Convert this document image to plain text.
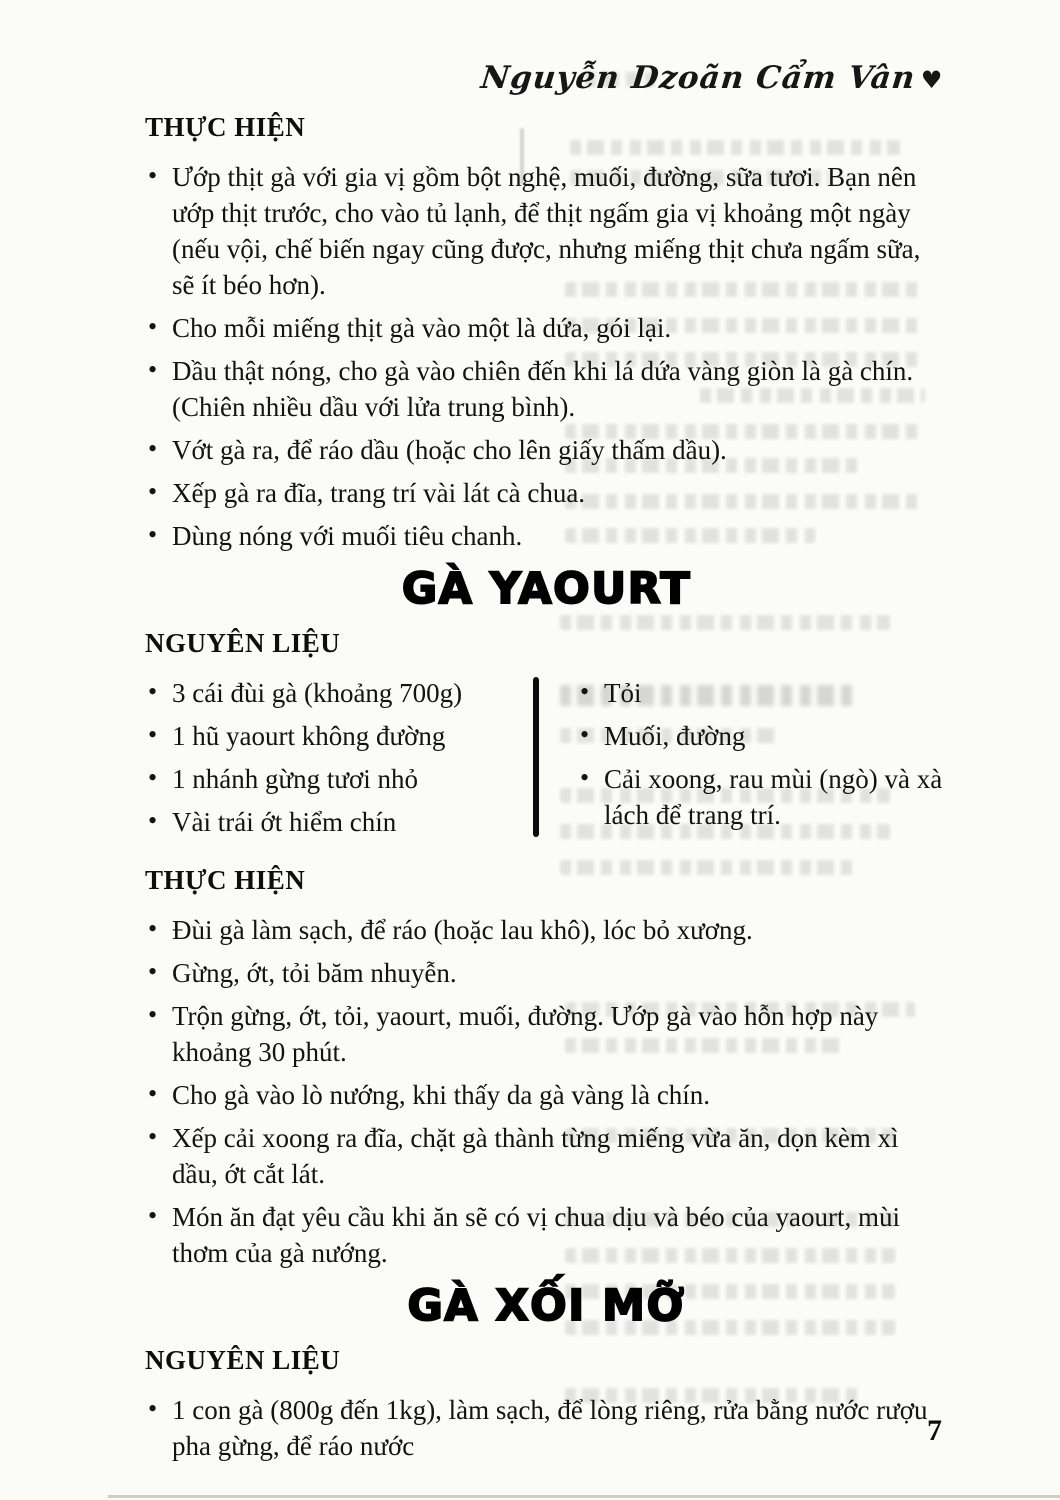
Nguyễn Dzoãn Cẩm Vân ♥
THỰC HIỆN
• Ướp thịt gà với gia vị gồm bột nghệ, muối, đường, sữa tươi. Bạn nên ướp thịt trước, cho vào tủ lạnh, để thịt ngấm gia vị khoảng một ngày (nếu vội, chế biến ngay cũng được, nhưng miếng thịt chưa ngấm sữa, sẽ ít béo hơn).
• Cho mỗi miếng thịt gà vào một là dứa, gói lại.
• Dầu thật nóng, cho gà vào chiên đến khi lá dứa vàng giòn là gà chín. (Chiên nhiều dầu với lửa trung bình).
• Vớt gà ra, để ráo dầu (hoặc cho lên giấy thấm dầu).
• Xếp gà ra đĩa, trang trí vài lát cà chua.
• Dùng nóng với muối tiêu chanh.
GÀ YAOURT
NGUYÊN LIỆU
• 3 cái đùi gà (khoảng 700g)
• 1 hũ yaourt không đường
• 1 nhánh gừng tươi nhỏ
• Vài trái ớt hiểm chín
• Tỏi
• Muối, đường
• Cải xoong, rau mùi (ngò) và xà lách để trang trí.
THỰC HIỆN
• Đùi gà làm sạch, để ráo (hoặc lau khô), lóc bỏ xương.
• Gừng, ớt, tỏi băm nhuyễn.
• Trộn gừng, ớt, tỏi, yaourt, muối, đường. Ướp gà vào hỗn hợp này khoảng 30 phút.
• Cho gà vào lò nướng, khi thấy da gà vàng là chín.
• Xếp cải xoong ra đĩa, chặt gà thành từng miếng vừa ăn, dọn kèm xì dầu, ớt cắt lát.
• Món ăn đạt yêu cầu khi ăn sẽ có vị chua dịu và béo của yaourt, mùi thơm của gà nướng.
GÀ XỐI MỠ
NGUYÊN LIỆU
• 1 con gà (800g đến 1kg), làm sạch, để lòng riêng, rửa bằng nước rượu pha gừng, để ráo nước	7
